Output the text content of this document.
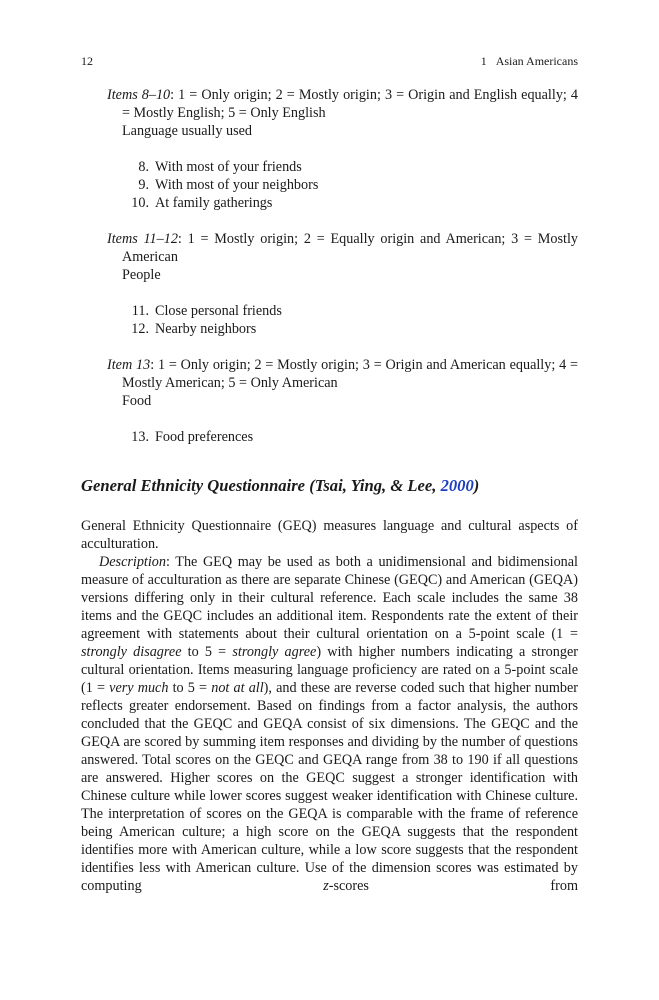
12	1 Asian Americans
Items 8–10: 1 = Only origin; 2 = Mostly origin; 3 = Origin and English equally; 4 = Mostly English; 5 = Only English
Language usually used
8. With most of your friends
9. With most of your neighbors
10. At family gatherings
Items 11–12: 1 = Mostly origin; 2 = Equally origin and American; 3 = Mostly American
People
11. Close personal friends
12. Nearby neighbors
Item 13: 1 = Only origin; 2 = Mostly origin; 3 = Origin and American equally; 4 = Mostly American; 5 = Only American
Food
13. Food preferences
General Ethnicity Questionnaire (Tsai, Ying, & Lee, 2000)

General Ethnicity Questionnaire (GEQ) measures language and cultural aspects of acculturation.

Description: The GEQ may be used as both a unidimensional and bidimensional measure of acculturation as there are separate Chinese (GEQC) and American (GEQA) versions differing only in their cultural reference. Each scale includes the same 38 items and the GEQC includes an additional item. Respondents rate the extent of their agreement with statements about their cultural orientation on a 5-point scale (1 = strongly disagree to 5 = strongly agree) with higher numbers indicating a stronger cultural orientation. Items measuring language proficiency are rated on a 5-point scale (1 = very much to 5 = not at all), and these are reverse coded such that higher number reflects greater endorsement. Based on findings from a factor analysis, the authors concluded that the GEQC and GEQA consist of six dimensions. The GEQC and the GEQA are scored by summing item responses and dividing by the number of questions answered. Total scores on the GEQC and GEQA range from 38 to 190 if all questions are answered. Higher scores on the GEQC suggest a stronger identification with Chinese culture while lower scores suggest weaker identification with Chinese culture. The interpretation of scores on the GEQA is comparable with the frame of reference being American culture; a high score on the GEQA suggests that the respondent identifies more with American culture, while a low score suggests that the respondent identifies less with American culture. Use of the dimension scores was estimated by computing z-scores from
